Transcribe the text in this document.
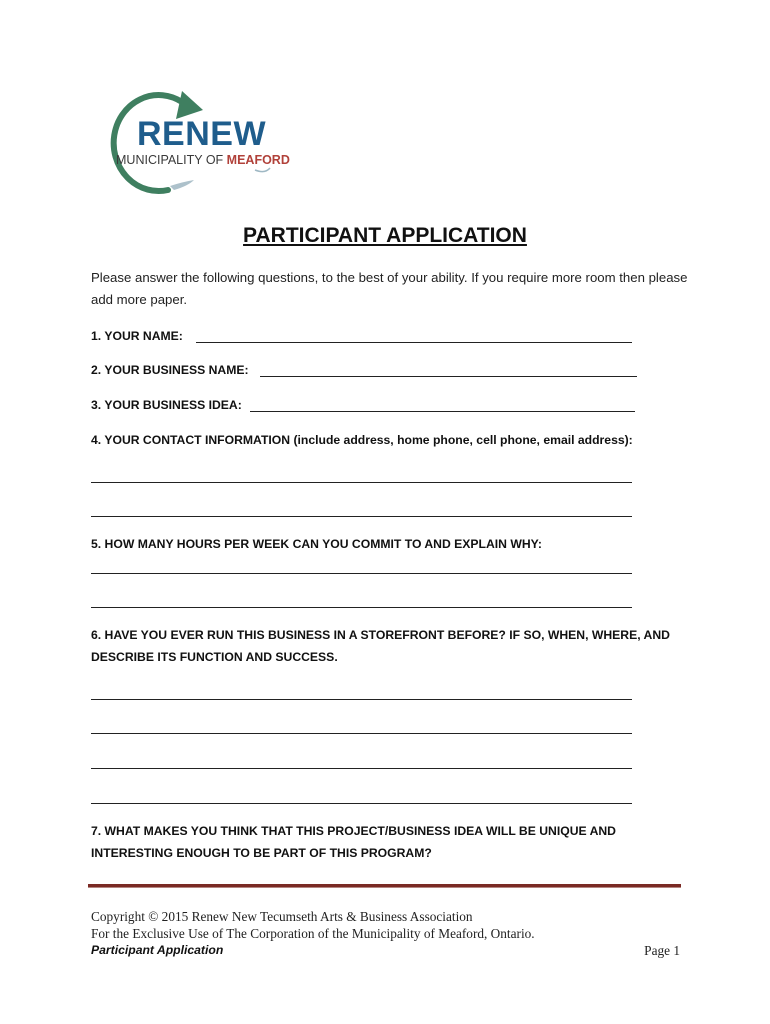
RENEW
MUNICIPALITY OF MEAFORD
PARTICIPANT APPLICATION
Please answer the following questions, to the best of your ability. If you require more room then please add more paper.
1. YOUR NAME:
2. YOUR BUSINESS NAME:
3. YOUR BUSINESS IDEA:
4. YOUR CONTACT INFORMATION (include address, home phone, cell phone, email address):
5. HOW MANY HOURS PER WEEK CAN YOU COMMIT TO AND EXPLAIN WHY:
6. HAVE YOU EVER RUN THIS BUSINESS IN A STOREFRONT BEFORE? IF SO, WHEN, WHERE, AND DESCRIBE ITS FUNCTION AND SUCCESS.
7. WHAT MAKES YOU THINK THAT THIS PROJECT/BUSINESS IDEA WILL BE UNIQUE AND INTERESTING ENOUGH TO BE PART OF THIS PROGRAM?
Copyright © 2015 Renew New Tecumseth Arts & Business Association
For the Exclusive Use of The Corporation of the Municipality of Meaford, Ontario.
Participant Application	Page 1
